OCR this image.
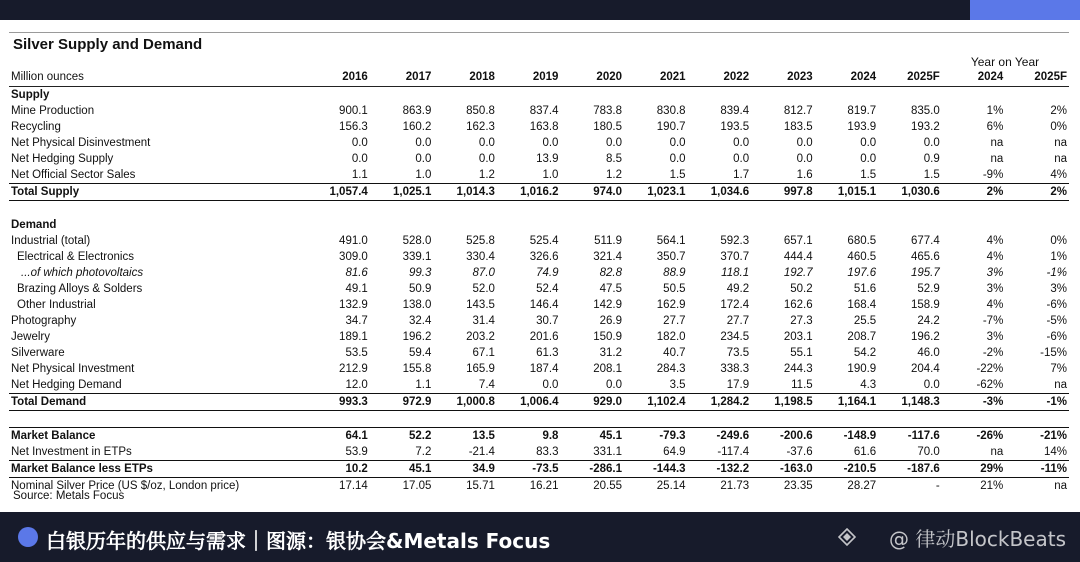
Silver Supply and Demand
Year on Year
Million ounces	2016	2017	2018	2019	2020	2021	2022	2023	2024	2025F	2024	2025F
Supply												
Mine Production	900.1	863.9	850.8	837.4	783.8	830.8	839.4	812.7	819.7	835.0	1%	2%
Recycling	156.3	160.2	162.3	163.8	180.5	190.7	193.5	183.5	193.9	193.2	6%	0%
Net Physical Disinvestment	0.0	0.0	0.0	0.0	0.0	0.0	0.0	0.0	0.0	0.0	na	na
Net Hedging Supply	0.0	0.0	0.0	13.9	8.5	0.0	0.0	0.0	0.0	0.9	na	na
Net Official Sector Sales	1.1	1.0	1.2	1.0	1.2	1.5	1.7	1.6	1.5	1.5	-9%	4%
Total Supply	1,057.4	1,025.1	1,014.3	1,016.2	974.0	1,023.1	1,034.6	997.8	1,015.1	1,030.6	2%	2%

Demand												
Industrial (total)	491.0	528.0	525.8	525.4	511.9	564.1	592.3	657.1	680.5	677.4	4%	0%
Electrical & Electronics	309.0	339.1	330.4	326.6	321.4	350.7	370.7	444.4	460.5	465.6	4%	1%
...of which photovoltaics	81.6	99.3	87.0	74.9	82.8	88.9	118.1	192.7	197.6	195.7	3%	-1%
Brazing Alloys & Solders	49.1	50.9	52.0	52.4	47.5	50.5	49.2	50.2	51.6	52.9	3%	3%
Other Industrial	132.9	138.0	143.5	146.4	142.9	162.9	172.4	162.6	168.4	158.9	4%	-6%
Photography	34.7	32.4	31.4	30.7	26.9	27.7	27.7	27.3	25.5	24.2	-7%	-5%
Jewelry	189.1	196.2	203.2	201.6	150.9	182.0	234.5	203.1	208.7	196.2	3%	-6%
Silverware	53.5	59.4	67.1	61.3	31.2	40.7	73.5	55.1	54.2	46.0	-2%	-15%
Net Physical Investment	212.9	155.8	165.9	187.4	208.1	284.3	338.3	244.3	190.9	204.4	-22%	7%
Net Hedging Demand	12.0	1.1	7.4	0.0	0.0	3.5	17.9	11.5	4.3	0.0	-62%	na
Total Demand	993.3	972.9	1,000.8	1,006.4	929.0	1,102.4	1,284.2	1,198.5	1,164.1	1,148.3	-3%	-1%

Market Balance	64.1	52.2	13.5	9.8	45.1	-79.3	-249.6	-200.6	-148.9	-117.6	-26%	-21%
Net Investment in ETPs	53.9	7.2	-21.4	83.3	331.1	64.9	-117.4	-37.6	61.6	70.0	na	14%
Market Balance less ETPs	10.2	45.1	34.9	-73.5	-286.1	-144.3	-132.2	-163.0	-210.5	-187.6	29%	-11%
Nominal Silver Price (US $/oz, London price)	17.14	17.05	15.71	16.21	20.55	25.14	21.73	23.35	28.27	-	21%	na
Source: Metals Focus
白银历年的供应与需求｜图源：银协会&Metals Focus	@ 律动BlockBeats
